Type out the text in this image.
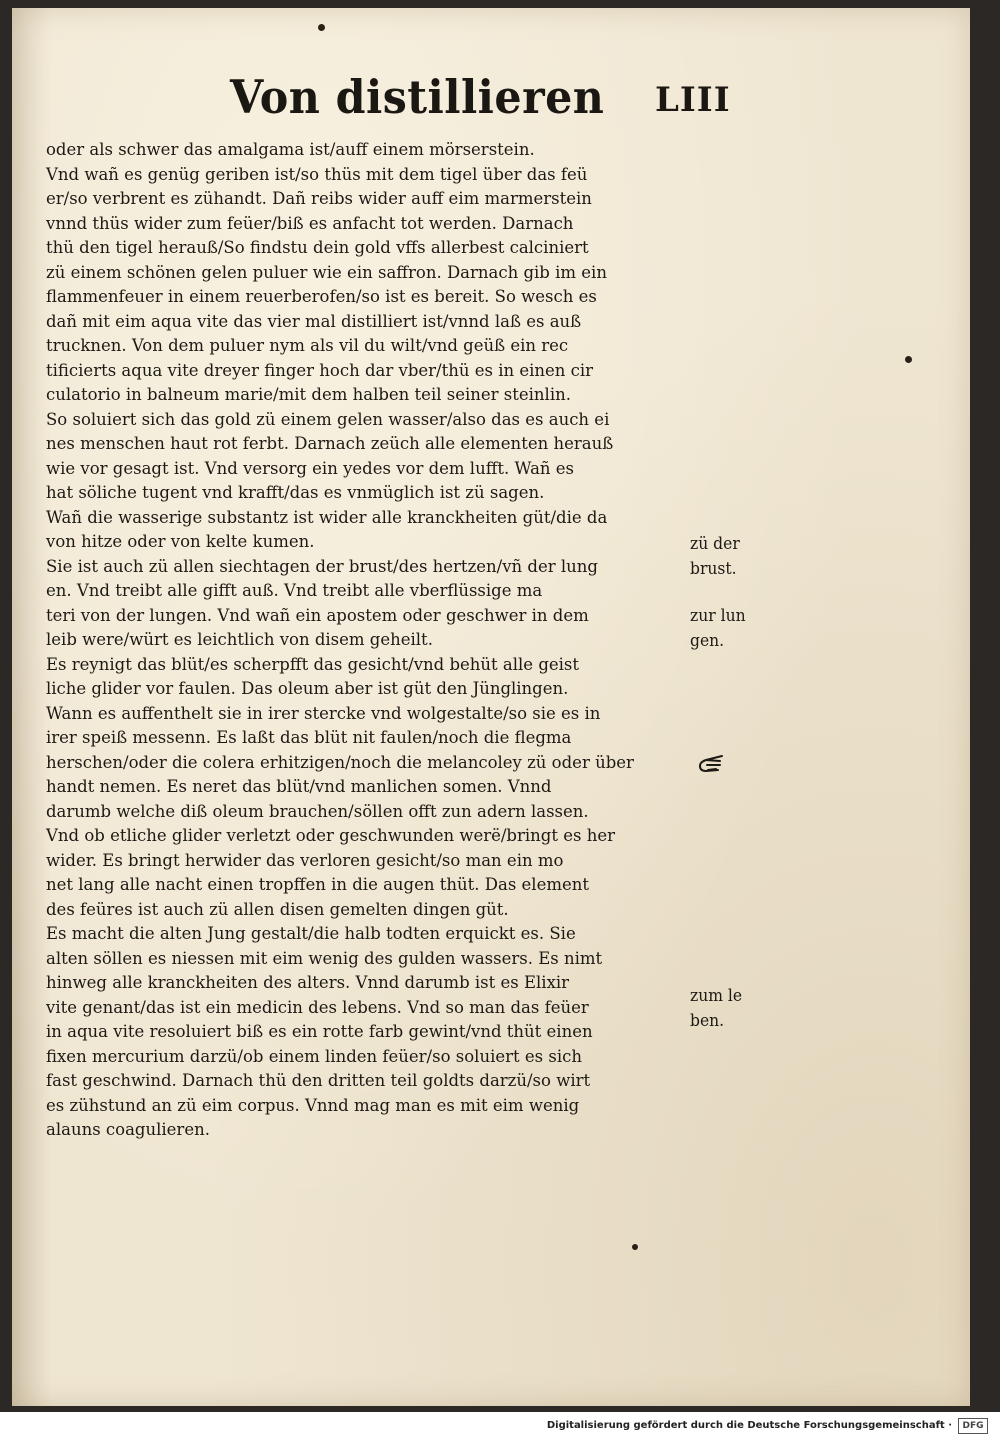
Von distillieren LIII
oder als schwer das amalgama ist/auff einem mörserstein.
Vnd wañ es genüg geriben ist/so thüs mit dem tigel über das feü
er/so verbrent es zühandt. Dañ reibs wider auff eim marmerstein
vnnd thüs wider zum feüer/biß es anfacht tot werden. Darnach
thü den tigel herauß/So findstu dein gold vffs allerbest calciniert
zü einem schönen gelen puluer wie ein saffron. Darnach gib im ein
flammenfeuer in einem reuerberofen/so ist es bereit. So wesch es
dañ mit eim aqua vite das vier mal distilliert ist/vnnd laß es auß
trucknen. Von dem puluer nym als vil du wilt/vnd geüß ein rec
tificierts aqua vite dreyer finger hoch dar vber/thü es in einen cir
culatorio in balneum marie/mit dem halben teil seiner steinlin.
So soluiert sich das gold zü einem gelen wasser/also das es auch ei
nes menschen haut rot ferbt. Darnach zeüch alle elementen herauß
wie vor gesagt ist. Vnd versorg ein yedes vor dem lufft. Wañ es
hat söliche tugent vnd krafft/das es vnmüglich ist zü sagen.
Wañ die wasserige substantz ist wider alle kranckheiten güt/die da
von hitze oder von kelte kumen.
Sie ist auch zü allen siechtagen der brust/des hertzen/vñ der lung
en. Vnd treibt alle gifft auß. Vnd treibt alle vberflüssige ma
teri von der lungen. Vnd wañ ein apostem oder geschwer in dem
leib were/würt es leichtlich von disem geheilt.
Es reynigt das blüt/es scherpfft das gesicht/vnd behüt alle geist
liche glider vor faulen. Das oleum aber ist güt den Jünglingen.
Wann es auffenthelt sie in irer stercke vnd wolgestalte/so sie es in
irer speiß messenn. Es laßt das blüt nit faulen/noch die flegma
herschen/oder die colera erhitzigen/noch die melancoley zü oder über
handt nemen. Es neret das blüt/vnd manlichen somen. Vnnd
darumb welche diß oleum brauchen/söllen offt zun adern lassen.
Vnd ob etliche glider verletzt oder geschwunden werë/bringt es her
wider. Es bringt herwider das verloren gesicht/so man ein mo
net lang alle nacht einen tropffen in die augen thüt. Das element
des feüres ist auch zü allen disen gemelten dingen güt.
Es macht die alten Jung gestalt/die halb todten erquickt es. Sie
alten söllen es niessen mit eim wenig des gulden wassers. Es nimt
hinweg alle kranckheiten des alters. Vnnd darumb ist es Elixir
vite genant/das ist ein medicin des lebens. Vnd so man das feüer
in aqua vite resoluiert biß es ein rotte farb gewint/vnd thüt einen
fixen mercurium darzü/ob einem linden feüer/so soluiert es sich
fast geschwind. Darnach thü den dritten teil goldts darzü/so wirt
es zühstund an zü eim corpus. Vnnd mag man es mit eim wenig
alauns coagulieren.
zü der
brust.
zur lun
gen.
zum le
ben.
Digitalisierung gefördert durch die Deutsche Forschungsgemeinschaft ·	DFG
